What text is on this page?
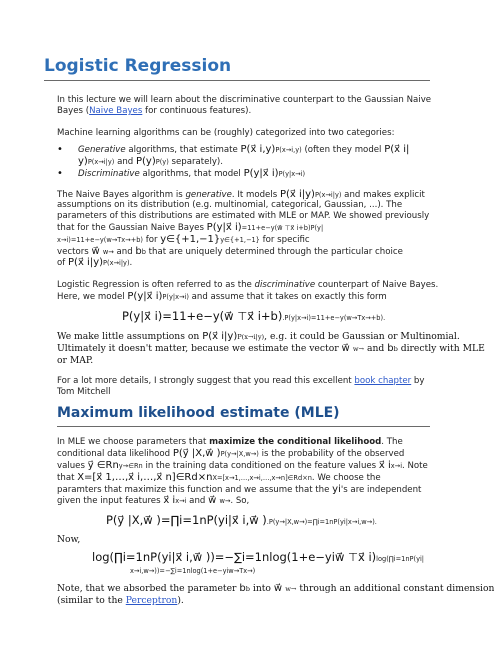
Logistic Regression
In this lecture we will learn about the discriminative counterpart to the Gaussian Naive
Bayes (Naive Bayes for continuous features).
Machine learning algorithms can be (roughly) categorized into two categories:
• Generative algorithms, that estimate P(x⃗ i,y)P(x→i,y) (often they model P(x⃗ i|
y)P(x→i|y) and P(y)P(y) separately).
• Discriminative algorithms, that model P(y|x⃗ i)P(y|x→i)
The Naive Bayes algorithm is generative. It models P(x⃗ i|y)P(x→i|y) and makes explicit
assumptions on its distribution (e.g. multinomial, categorical, Gaussian, ...). The
parameters of this distributions are estimated with MLE or MAP. We showed previously
that for the Gaussian Naive Bayes P(y|x⃗ i)=11+e−y(w⃗ ⊤x⃗ i+b)P(y|
x→i)=11+e−y(w→Tx→+b) for y∈{+1,−1}y∈{+1,−1} for specific
vectors w⃗ w→ and bb that are uniquely determined through the particular choice
of P(x⃗ i|y)P(x→i|y).
Logistic Regression is often referred to as the discriminative counterpart of Naive Bayes.
Here, we model P(y|x⃗ i)P(y|x→i) and assume that it takes on exactly this form
P(y|x⃗ i)=11+e−y(w⃗ ⊤x⃗ i+b).P(y|x→i)=11+e−y(w→Tx→+b).
We make little assumptions on P(x⃗ i|y)P(x→i|y), e.g. it could be Gaussian or Multinomial.
Ultimately it doesn't matter, because we estimate the vector w⃗ w→ and bb directly with MLE
or MAP.
For a lot more details, I strongly suggest that you read this excellent book chapter by
Tom Mitchell
Maximum likelihood estimate (MLE)
In MLE we choose parameters that maximize the conditional likelihood. The
conditional data likelihood P(y⃗ |X,w⃗ )P(y→|X,w→) is the probability of the observed
values y⃗ ∈Rny→∈Rn in the training data conditioned on the feature values x⃗ ix→i. Note
that X=[x⃗ 1,…,x⃗ i,…,x⃗ n]∈Rd×nX=[x→1,…,x→i,…,x→n]∈Rd×n. We choose the
paramters that maximize this function and we assume that the yi's are independent
given the input features x⃗ ix→i and w⃗ w→. So,
P(y⃗ |X,w⃗ )=∏i=1nP(yi|x⃗ i,w⃗ ).P(y→|X,w→)=∏i=1nP(yi|x→i,w→).
Now,
log(∏i=1nP(yi|x⃗ i,w⃗ ))=−∑i=1nlog(1+e−yiw⃗ ⊤x⃗ i)log(∏i=1nP(yi|
x→i,w→))=−∑i=1nlog(1+e−yiw→Tx→)
Note, that we absorbed the parameter bb into w⃗ w→ through an additional constant dimension
(similar to the Perceptron).
